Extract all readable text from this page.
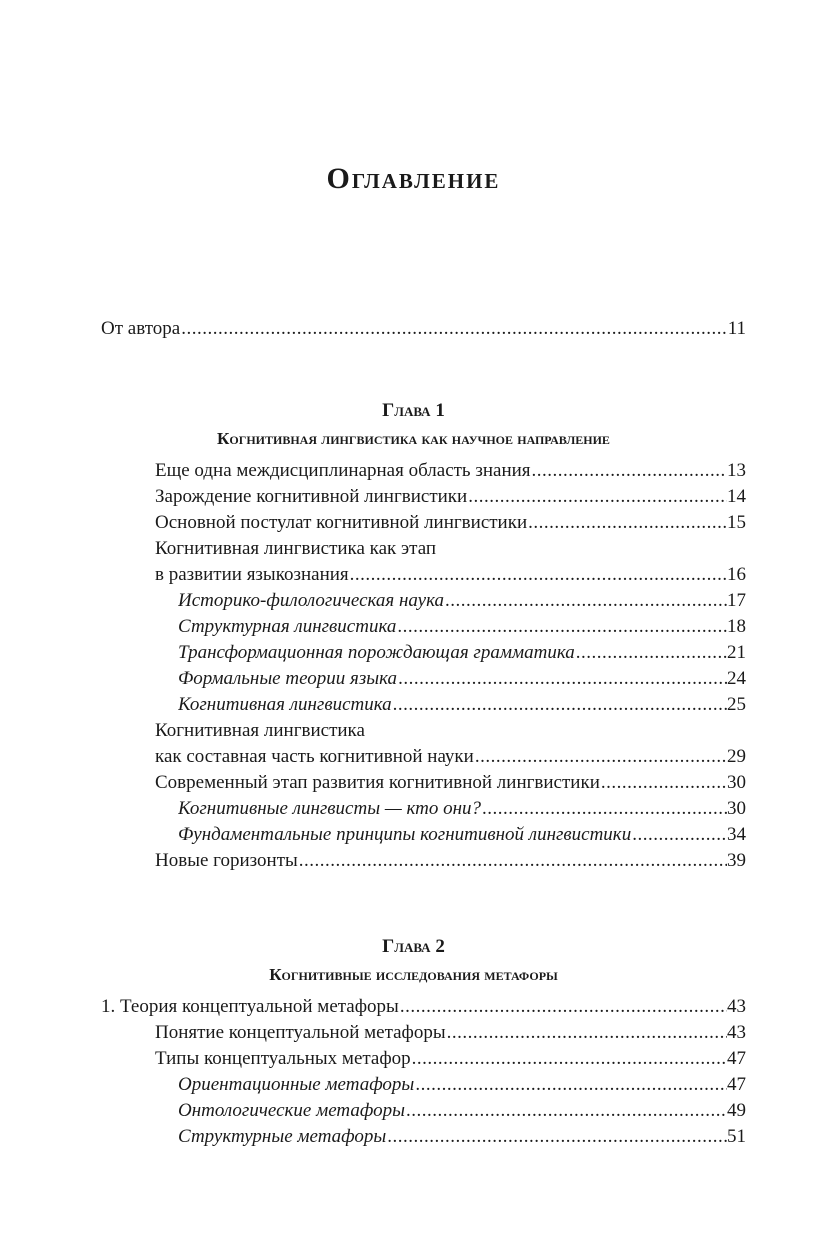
Оглавление
От автора .....	11
Глава 1
Когнитивная лингвистика как научное направление
Еще одна междисциплинарная область знания .....	13
Зарождение когнитивной лингвистики .....	14
Основной постулат когнитивной лингвистики .....	15
Когнитивная лингвистика как этап
в развитии языкознания .....	16
Историко-филологическая наука .....	17
Структурная лингвистика .....	18
Трансформационная порождающая грамматика .....	21
Формальные теории языка .....	24
Когнитивная лингвистика .....	25
Когнитивная лингвистика
как составная часть когнитивной науки .....	29
Современный этап развития когнитивной лингвистики .....	30
Когнитивные лингвисты — кто они? .....	30
Фундаментальные принципы когнитивной лингвистики .....	34
Новые горизонты .....	39
Глава 2
Когнитивные исследования метафоры
1. Теория концептуальной метафоры .....	43
Понятие концептуальной метафоры .....	43
Типы концептуальных метафор .....	47
Ориентационные метафоры .....	47
Онтологические метафоры .....	49
Структурные метафоры .....	51
